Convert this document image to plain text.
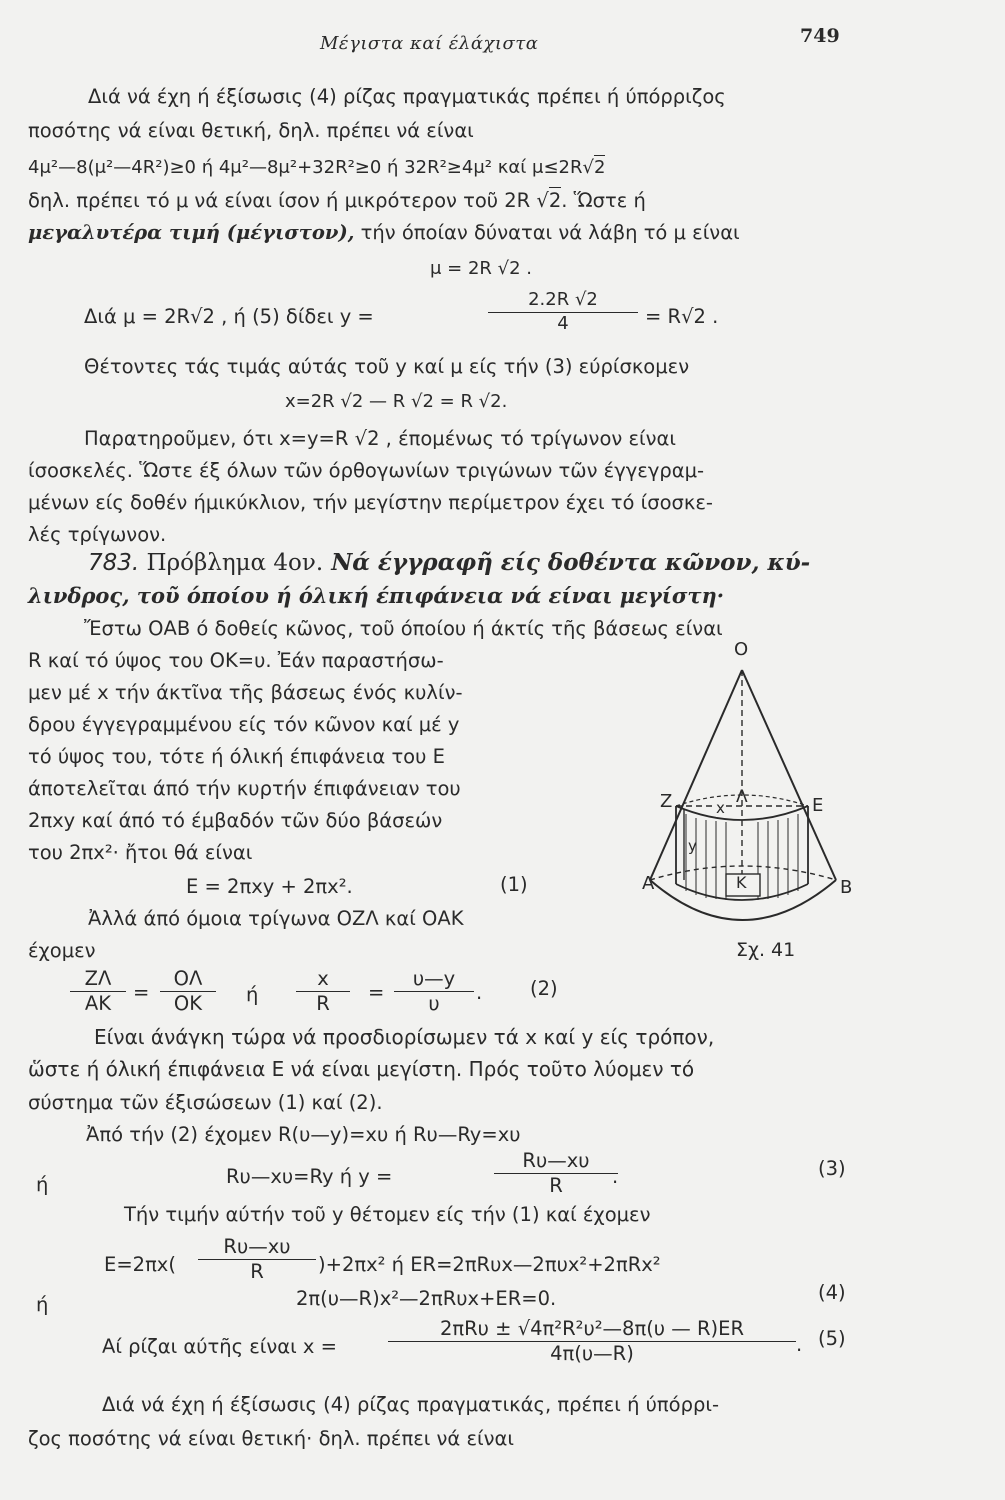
Μέγιστα καί έλάχιστα	749
Διά νά έχη ή έξίσωσις (4) ρίζας πραγματικάς πρέπει ή ύπόρριζος
ποσότης νά είναι θετική, δηλ. πρέπει νά είναι
4μ²—8(μ²—4R²)≥0 ή 4μ²—8μ²+32R²≥0 ή 32R²≥4μ² καί μ≤2R√2
δηλ. πρέπει τό μ νά είναι ίσον ή μικρότερον τοῦ 2R √2. Ὥστε ή
μεγαλυτέρα τιμή (μέγιστον), τήν όποίαν δύναται νά λάβη τό μ είναι
μ = 2R √2 .
Διά μ = 2R√2 , ή (5) δίδει y =	$\frac{2.2R √2}{4} = R√2$ .
Θέτοντες τάς τιμάς αύτάς τοῦ y καί μ είς τήν (3) εύρίσκομεν
x=2R √2 — R √2 = R √2.
Παρατηροῦμεν, ότι x=y=R √2 , έπομένως τό τρίγωνον είναι
ίσοσκελές. Ὥστε έξ όλων τῶν όρθογωνίων τριγώνων τῶν έγγεγραμ-
μένων είς δοθέν ήμικύκλιον, τήν μεγίστην περίμετρον έχει τό ίσοσκε-
λές τρίγωνον.
783. Πρόβλημα 4ον. Νά έγγραφῆ είς δοθέντα κῶνον, κύ-
λινδρος, τοῦ όποίου ή όλική έπιφάνεια νά είναι μεγίστη·
Ἔστω ΟΑΒ ό δοθείς κῶνος, τοῦ όποίου ή άκτίς τῆς βάσεως είναι
R καί τό ύψος του ΟΚ=υ. Ἐάν παραστήσω-
μεν μέ x τήν άκτῖνα τῆς βάσεως ένός κυλίν-
δρου έγγεγραμμένου είς τόν κῶνον καί μέ y
τό ύψος του, τότε ή όλική έπιφάνεια του Ε
άποτελεῖται άπό τήν κυρτήν έπιφάνειαν του
2πxy καί άπό τό έμβαδόν τῶν δύο βάσεών
του 2πx²· ἤτοι θά είναι
E = 2πxy + 2πx².	(1)
Ἀλλά άπό όμοια τρίγωνα ΟΖΛ καί ΟΑΚ
έχομεν
$\frac{Z\Lambda}{AK} = \frac{O\Lambda}{OK}$ ή $\frac{x}{R} = \frac{\upsilon—y}{\upsilon}$ . (2)
Είναι άνάγκη τώρα νά προσδιορίσωμεν τά x καί y είς τρόπον,
ὥστε ή όλική έπιφάνεια Ε νά είναι μεγίστη. Πρός τοῦτο λύομεν τό
σύστημα τῶν έξισώσεων (1) καί (2).
Ἀπό τήν (2) έχομεν R(υ—y)=xυ ή Rυ—Ry=xυ
ή	Rυ—xυ=Ry ή y =	$\frac{R\upsilon—x\upsilon}{R}$
.	(3)
Τήν τιμήν αύτήν τοῦ y θέτομεν είς τήν (1) καί έχομεν
$E=2\pi x( \frac{R\upsilon—x\upsilon}{R} )+2\pi x^2$ ή ER=2πRυx—2πυx²+2πRx²
ή	2π(υ—R)x²—2πRυx+ER=0.	(4)
Αί ρίζαι αύτῆς είναι x =
2πRυ ± √4π²R²υ²—8π(υ — R)ER
4π(υ—R)	. (5)
Διά νά έχη ή έξίσωσις (4) ρίζας πραγματικάς, πρέπει ή ύπόρρι-
ζος ποσότης νά είναι θετική· δηλ. πρέπει νά είναι
O
Z	Λ	E
x
y
A	K	B
Σχ. 41
